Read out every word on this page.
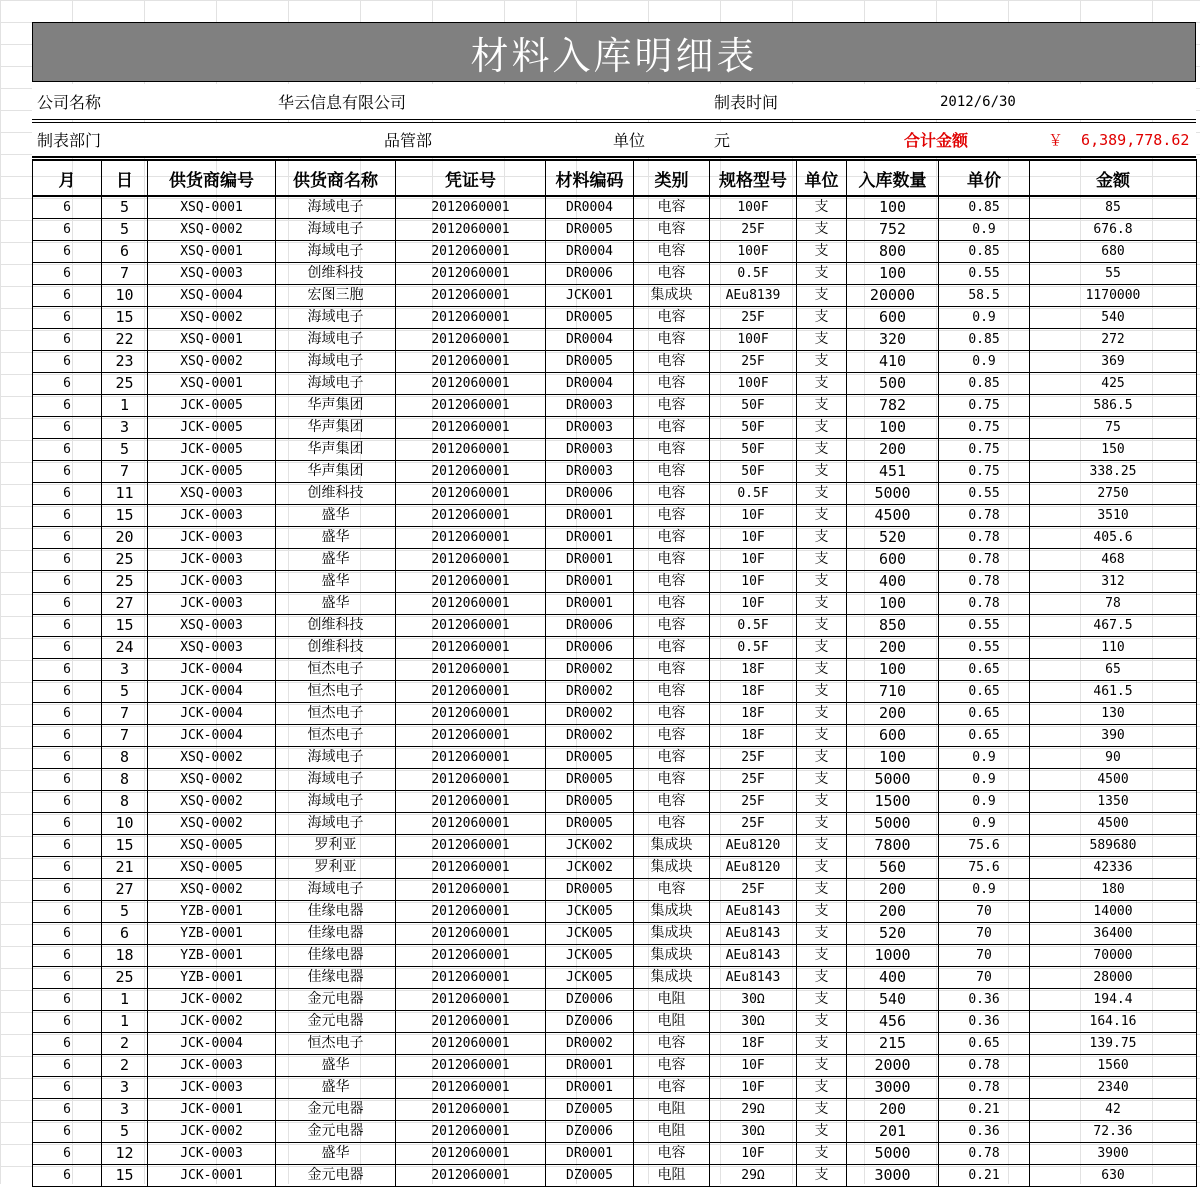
材料入库明细表
公司名称	华云信息有限公司	制表时间	2012/6/30
制表部门	品管部	单位	元	合计金额	￥  6,389,778.62
月	日	供货商编号	供货商名称	凭证号	材料编码	类别	规格型号	单位	入库数量	单价	金额
6	5	XSQ-0001	海域电子	2012060001	DR0004	电容	100F	支	100	0.85	85
6	5	XSQ-0002	海域电子	2012060001	DR0005	电容	25F	支	752	0.9	676.8
6	6	XSQ-0001	海域电子	2012060001	DR0004	电容	100F	支	800	0.85	680
6	7	XSQ-0003	创维科技	2012060001	DR0006	电容	0.5F	支	100	0.55	55
6	10	XSQ-0004	宏图三胞	2012060001	JCK001	集成块	AEu8139	支	20000	58.5	1170000
6	15	XSQ-0002	海域电子	2012060001	DR0005	电容	25F	支	600	0.9	540
6	22	XSQ-0001	海域电子	2012060001	DR0004	电容	100F	支	320	0.85	272
6	23	XSQ-0002	海域电子	2012060001	DR0005	电容	25F	支	410	0.9	369
6	25	XSQ-0001	海域电子	2012060001	DR0004	电容	100F	支	500	0.85	425
6	1	JCK-0005	华声集团	2012060001	DR0003	电容	50F	支	782	0.75	586.5
6	3	JCK-0005	华声集团	2012060001	DR0003	电容	50F	支	100	0.75	75
6	5	JCK-0005	华声集团	2012060001	DR0003	电容	50F	支	200	0.75	150
6	7	JCK-0005	华声集团	2012060001	DR0003	电容	50F	支	451	0.75	338.25
6	11	XSQ-0003	创维科技	2012060001	DR0006	电容	0.5F	支	5000	0.55	2750
6	15	JCK-0003	盛华	2012060001	DR0001	电容	10F	支	4500	0.78	3510
6	20	JCK-0003	盛华	2012060001	DR0001	电容	10F	支	520	0.78	405.6
6	25	JCK-0003	盛华	2012060001	DR0001	电容	10F	支	600	0.78	468
6	25	JCK-0003	盛华	2012060001	DR0001	电容	10F	支	400	0.78	312
6	27	JCK-0003	盛华	2012060001	DR0001	电容	10F	支	100	0.78	78
6	15	XSQ-0003	创维科技	2012060001	DR0006	电容	0.5F	支	850	0.55	467.5
6	24	XSQ-0003	创维科技	2012060001	DR0006	电容	0.5F	支	200	0.55	110
6	3	JCK-0004	恒杰电子	2012060001	DR0002	电容	18F	支	100	0.65	65
6	5	JCK-0004	恒杰电子	2012060001	DR0002	电容	18F	支	710	0.65	461.5
6	7	JCK-0004	恒杰电子	2012060001	DR0002	电容	18F	支	200	0.65	130
6	7	JCK-0004	恒杰电子	2012060001	DR0002	电容	18F	支	600	0.65	390
6	8	XSQ-0002	海域电子	2012060001	DR0005	电容	25F	支	100	0.9	90
6	8	XSQ-0002	海域电子	2012060001	DR0005	电容	25F	支	5000	0.9	4500
6	8	XSQ-0002	海域电子	2012060001	DR0005	电容	25F	支	1500	0.9	1350
6	10	XSQ-0002	海域电子	2012060001	DR0005	电容	25F	支	5000	0.9	4500
6	15	XSQ-0005	罗利亚	2012060001	JCK002	集成块	AEu8120	支	7800	75.6	589680
6	21	XSQ-0005	罗利亚	2012060001	JCK002	集成块	AEu8120	支	560	75.6	42336
6	27	XSQ-0002	海域电子	2012060001	DR0005	电容	25F	支	200	0.9	180
6	5	YZB-0001	佳缘电器	2012060001	JCK005	集成块	AEu8143	支	200	70	14000
6	6	YZB-0001	佳缘电器	2012060001	JCK005	集成块	AEu8143	支	520	70	36400
6	18	YZB-0001	佳缘电器	2012060001	JCK005	集成块	AEu8143	支	1000	70	70000
6	25	YZB-0001	佳缘电器	2012060001	JCK005	集成块	AEu8143	支	400	70	28000
6	1	JCK-0002	金元电器	2012060001	DZ0006	电阻	30Ω	支	540	0.36	194.4
6	1	JCK-0002	金元电器	2012060001	DZ0006	电阻	30Ω	支	456	0.36	164.16
6	2	JCK-0004	恒杰电子	2012060001	DR0002	电容	18F	支	215	0.65	139.75
6	2	JCK-0003	盛华	2012060001	DR0001	电容	10F	支	2000	0.78	1560
6	3	JCK-0003	盛华	2012060001	DR0001	电容	10F	支	3000	0.78	2340
6	3	JCK-0001	金元电器	2012060001	DZ0005	电阻	29Ω	支	200	0.21	42
6	5	JCK-0002	金元电器	2012060001	DZ0006	电阻	30Ω	支	201	0.36	72.36
6	12	JCK-0003	盛华	2012060001	DR0001	电容	10F	支	5000	0.78	3900
6	15	JCK-0001	金元电器	2012060001	DZ0005	电阻	29Ω	支	3000	0.21	630
